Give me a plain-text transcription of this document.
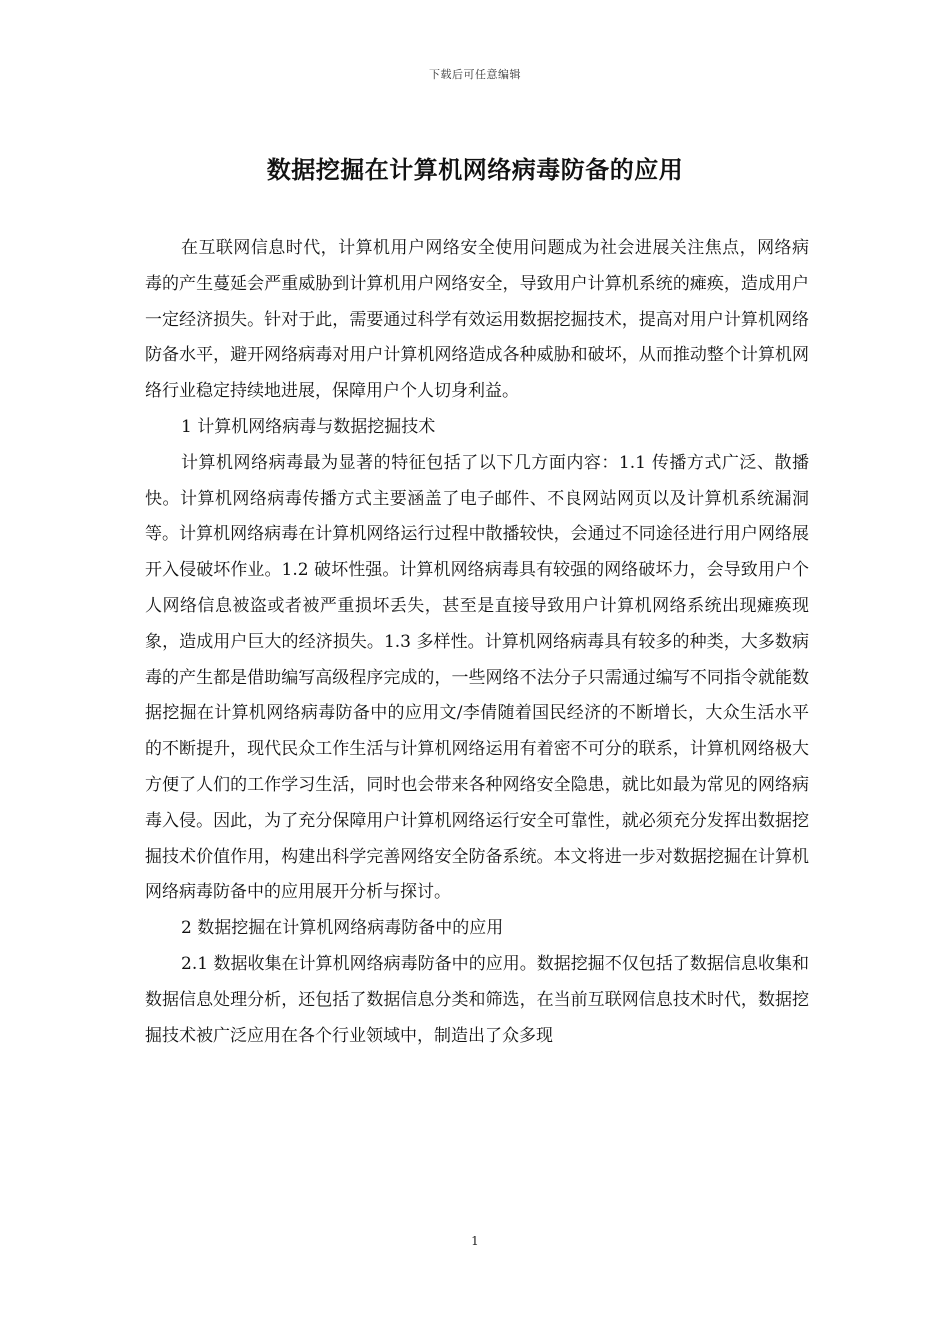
下载后可任意编辑
数据挖掘在计算机网络病毒防备的应用

在互联网信息时代，计算机用户网络安全使用问题成为社会进展关注焦点，网络病毒的产生蔓延会严重威胁到计算机用户网络安全，导致用户计算机系统的瘫痪，造成用户一定经济损失。针对于此，需要通过科学有效运用数据挖掘技术，提高对用户计算机网络防备水平，避开网络病毒对用户计算机网络造成各种威胁和破坏，从而推动整个计算机网络行业稳定持续地进展，保障用户个人切身利益。

1 计算机网络病毒与数据挖掘技术

计算机网络病毒最为显著的特征包括了以下几方面内容：1.1 传播方式广泛、散播快。计算机网络病毒传播方式主要涵盖了电子邮件、不良网站网页以及计算机系统漏洞等。计算机网络病毒在计算机网络运行过程中散播较快，会通过不同途径进行用户网络展开入侵破坏作业。1.2 破坏性强。计算机网络病毒具有较强的网络破坏力，会导致用户个人网络信息被盗或者被严重损坏丢失，甚至是直接导致用户计算机网络系统出现瘫痪现象，造成用户巨大的经济损失。1.3 多样性。计算机网络病毒具有较多的种类，大多数病毒的产生都是借助编写高级程序完成的，一些网络不法分子只需通过编写不同指令就能数据挖掘在计算机网络病毒防备中的应用文/李倩随着国民经济的不断增长，大众生活水平的不断提升，现代民众工作生活与计算机网络运用有着密不可分的联系，计算机网络极大方便了人们的工作学习生活，同时也会带来各种网络安全隐患，就比如最为常见的网络病毒入侵。因此，为了充分保障用户计算机网络运行安全可靠性，就必须充分发挥出数据挖掘技术价值作用，构建出科学完善网络安全防备系统。本文将进一步对数据挖掘在计算机网络病毒防备中的应用展开分析与探讨。

2 数据挖掘在计算机网络病毒防备中的应用

2.1 数据收集在计算机网络病毒防备中的应用。数据挖掘不仅包括了数据信息收集和数据信息处理分析，还包括了数据信息分类和筛选，在当前互联网信息技术时代，数据挖掘技术被广泛应用在各个行业领域中，制造出了众多现

1
